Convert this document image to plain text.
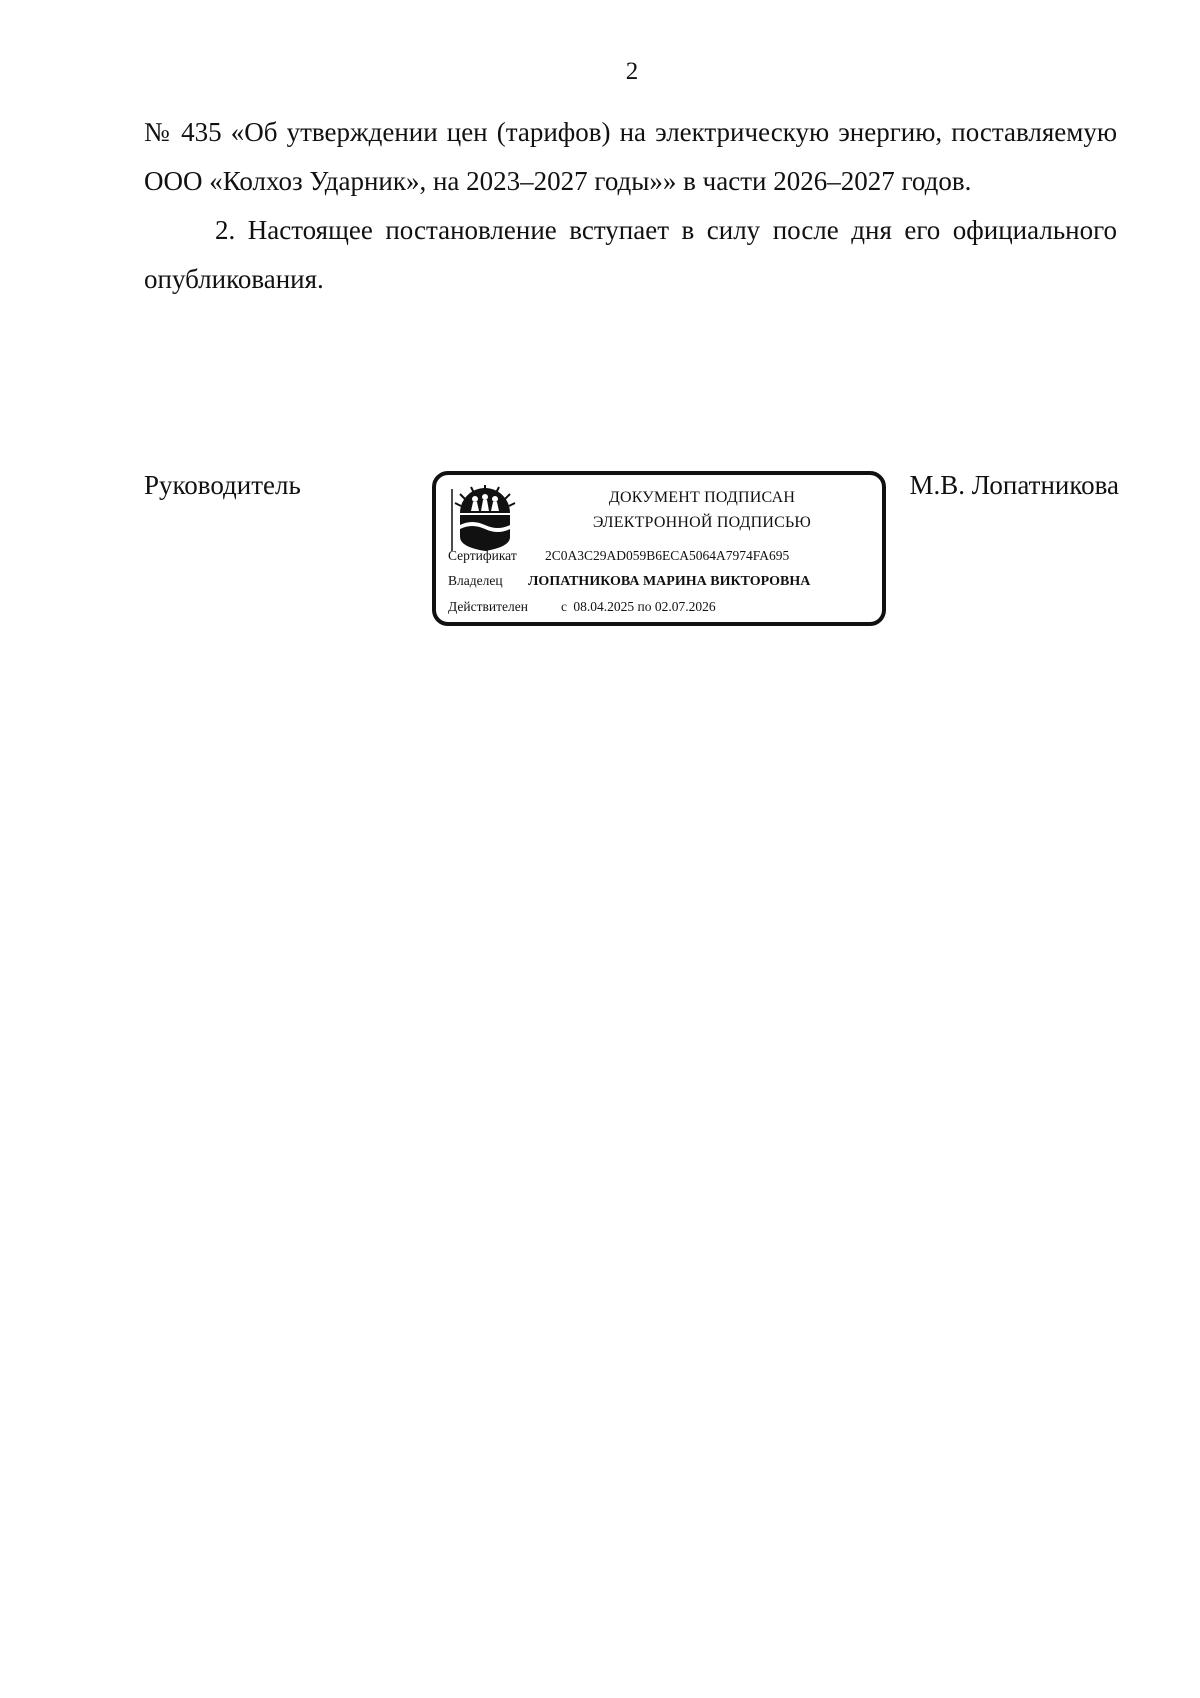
2

№ 435 «Об утверждении цен (тарифов) на электрическую энергию, поставляемую ООО «Колхоз Ударник», на 2023–2027 годы»» в части 2026–2027 годов.

2. Настоящее постановление вступает в силу после дня его официального опубликования.

Руководитель	ДОКУМЕНТ ПОДПИСАН
ЭЛЕКТРОННОЙ ПОДПИСЬЮ
Сертификат 2C0A3C29AD059B6ECA5064A7974FA695
Владелец ЛОПАТНИКОВА МАРИНА ВИКТОРОВНА
Действителен с 08.04.2025 по 02.07.2026
М.В. Лопатникова
